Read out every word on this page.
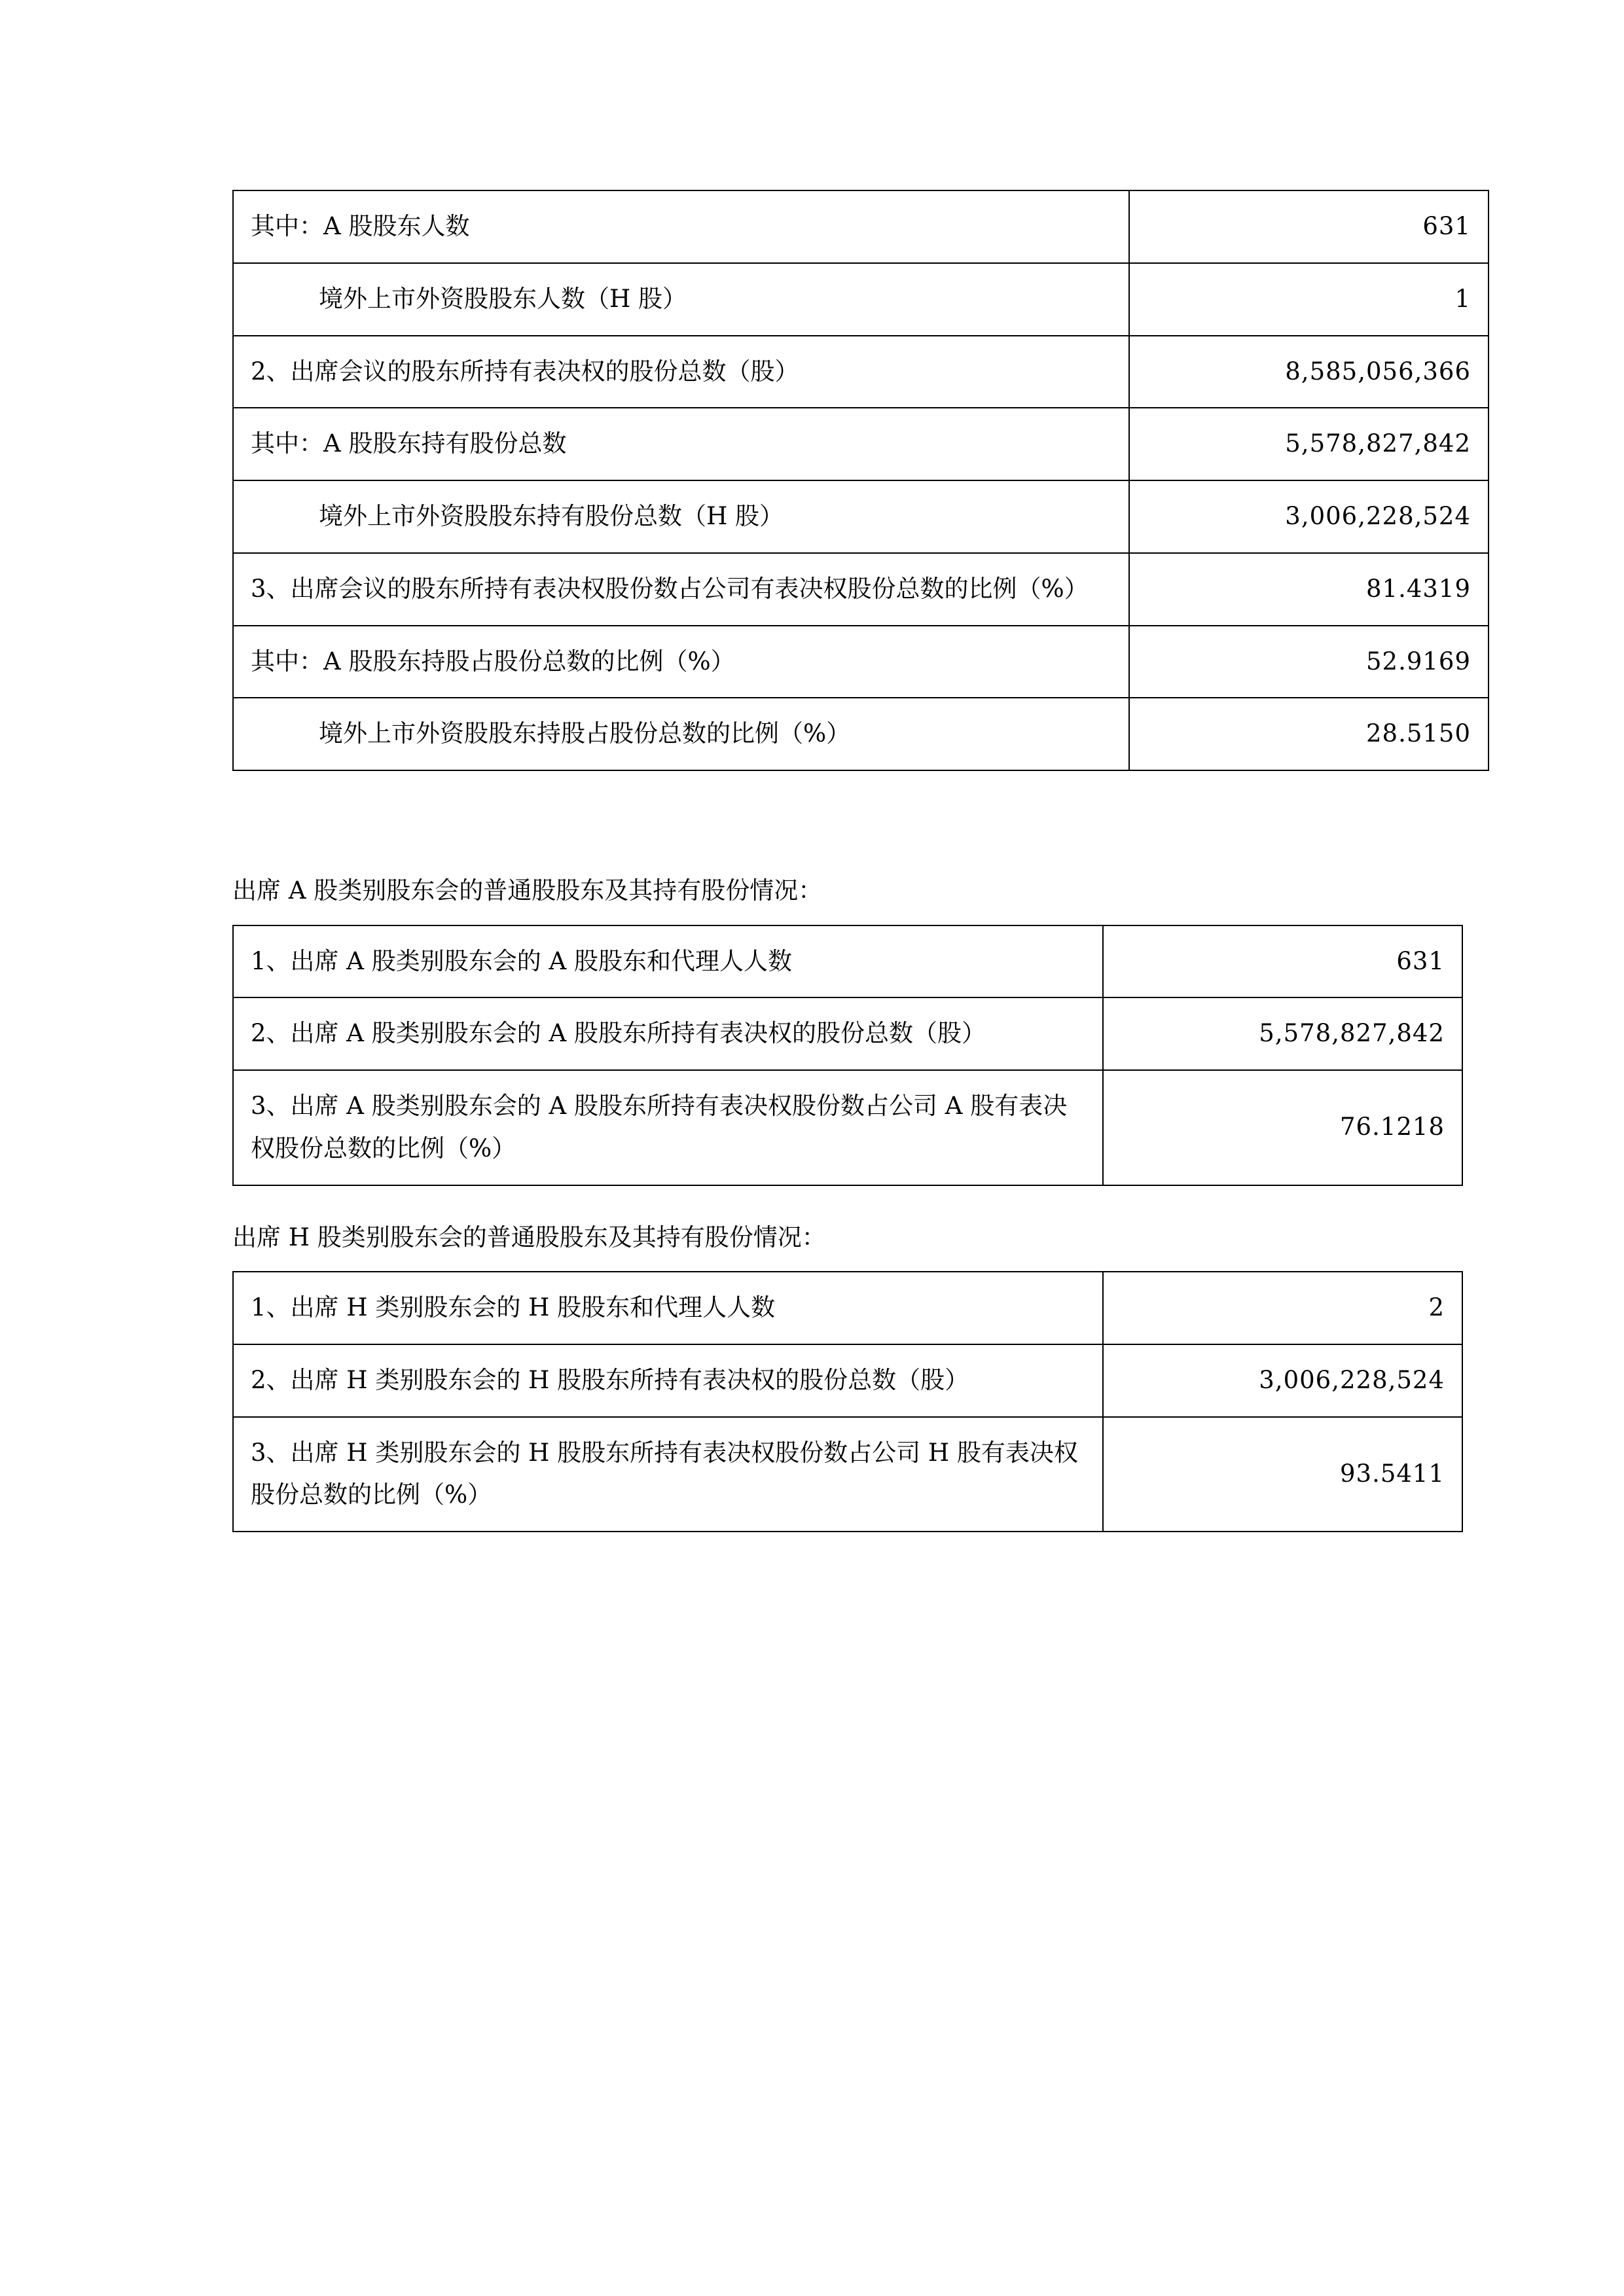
其中：A 股股东人数	631
境外上市外资股股东人数（H 股）	1
2、出席会议的股东所持有表决权的股份总数（股）	8,585,056,366
其中：A 股股东持有股份总数	5,578,827,842
境外上市外资股股东持有股份总数（H 股）	3,006,228,524
3、出席会议的股东所持有表决权股份数占公司有表决权股份总数的比例（%）	81.4319
其中：A 股股东持股占股份总数的比例（%）	52.9169
境外上市外资股股东持股占股份总数的比例（%）	28.5150

出席 A 股类别股东会的普通股股东及其持有股份情况：

1、出席 A 股类别股东会的 A 股股东和代理人人数	631
2、出席 A 股类别股东会的 A 股股东所持有表决权的股份总数（股）	5,578,827,842
3、出席 A 股类别股东会的 A 股股东所持有表决权股份数占公司 A 股有表决权股份总数的比例（%）	76.1218

出席 H 股类别股东会的普通股股东及其持有股份情况：

1、出席 H 类别股东会的 H 股股东和代理人人数	2
2、出席 H 类别股东会的 H 股股东所持有表决权的股份总数（股）	3,006,228,524
3、出席 H 类别股东会的 H 股股东所持有表决权股份数占公司 H 股有表决权股份总数的比例（%）	93.5411
